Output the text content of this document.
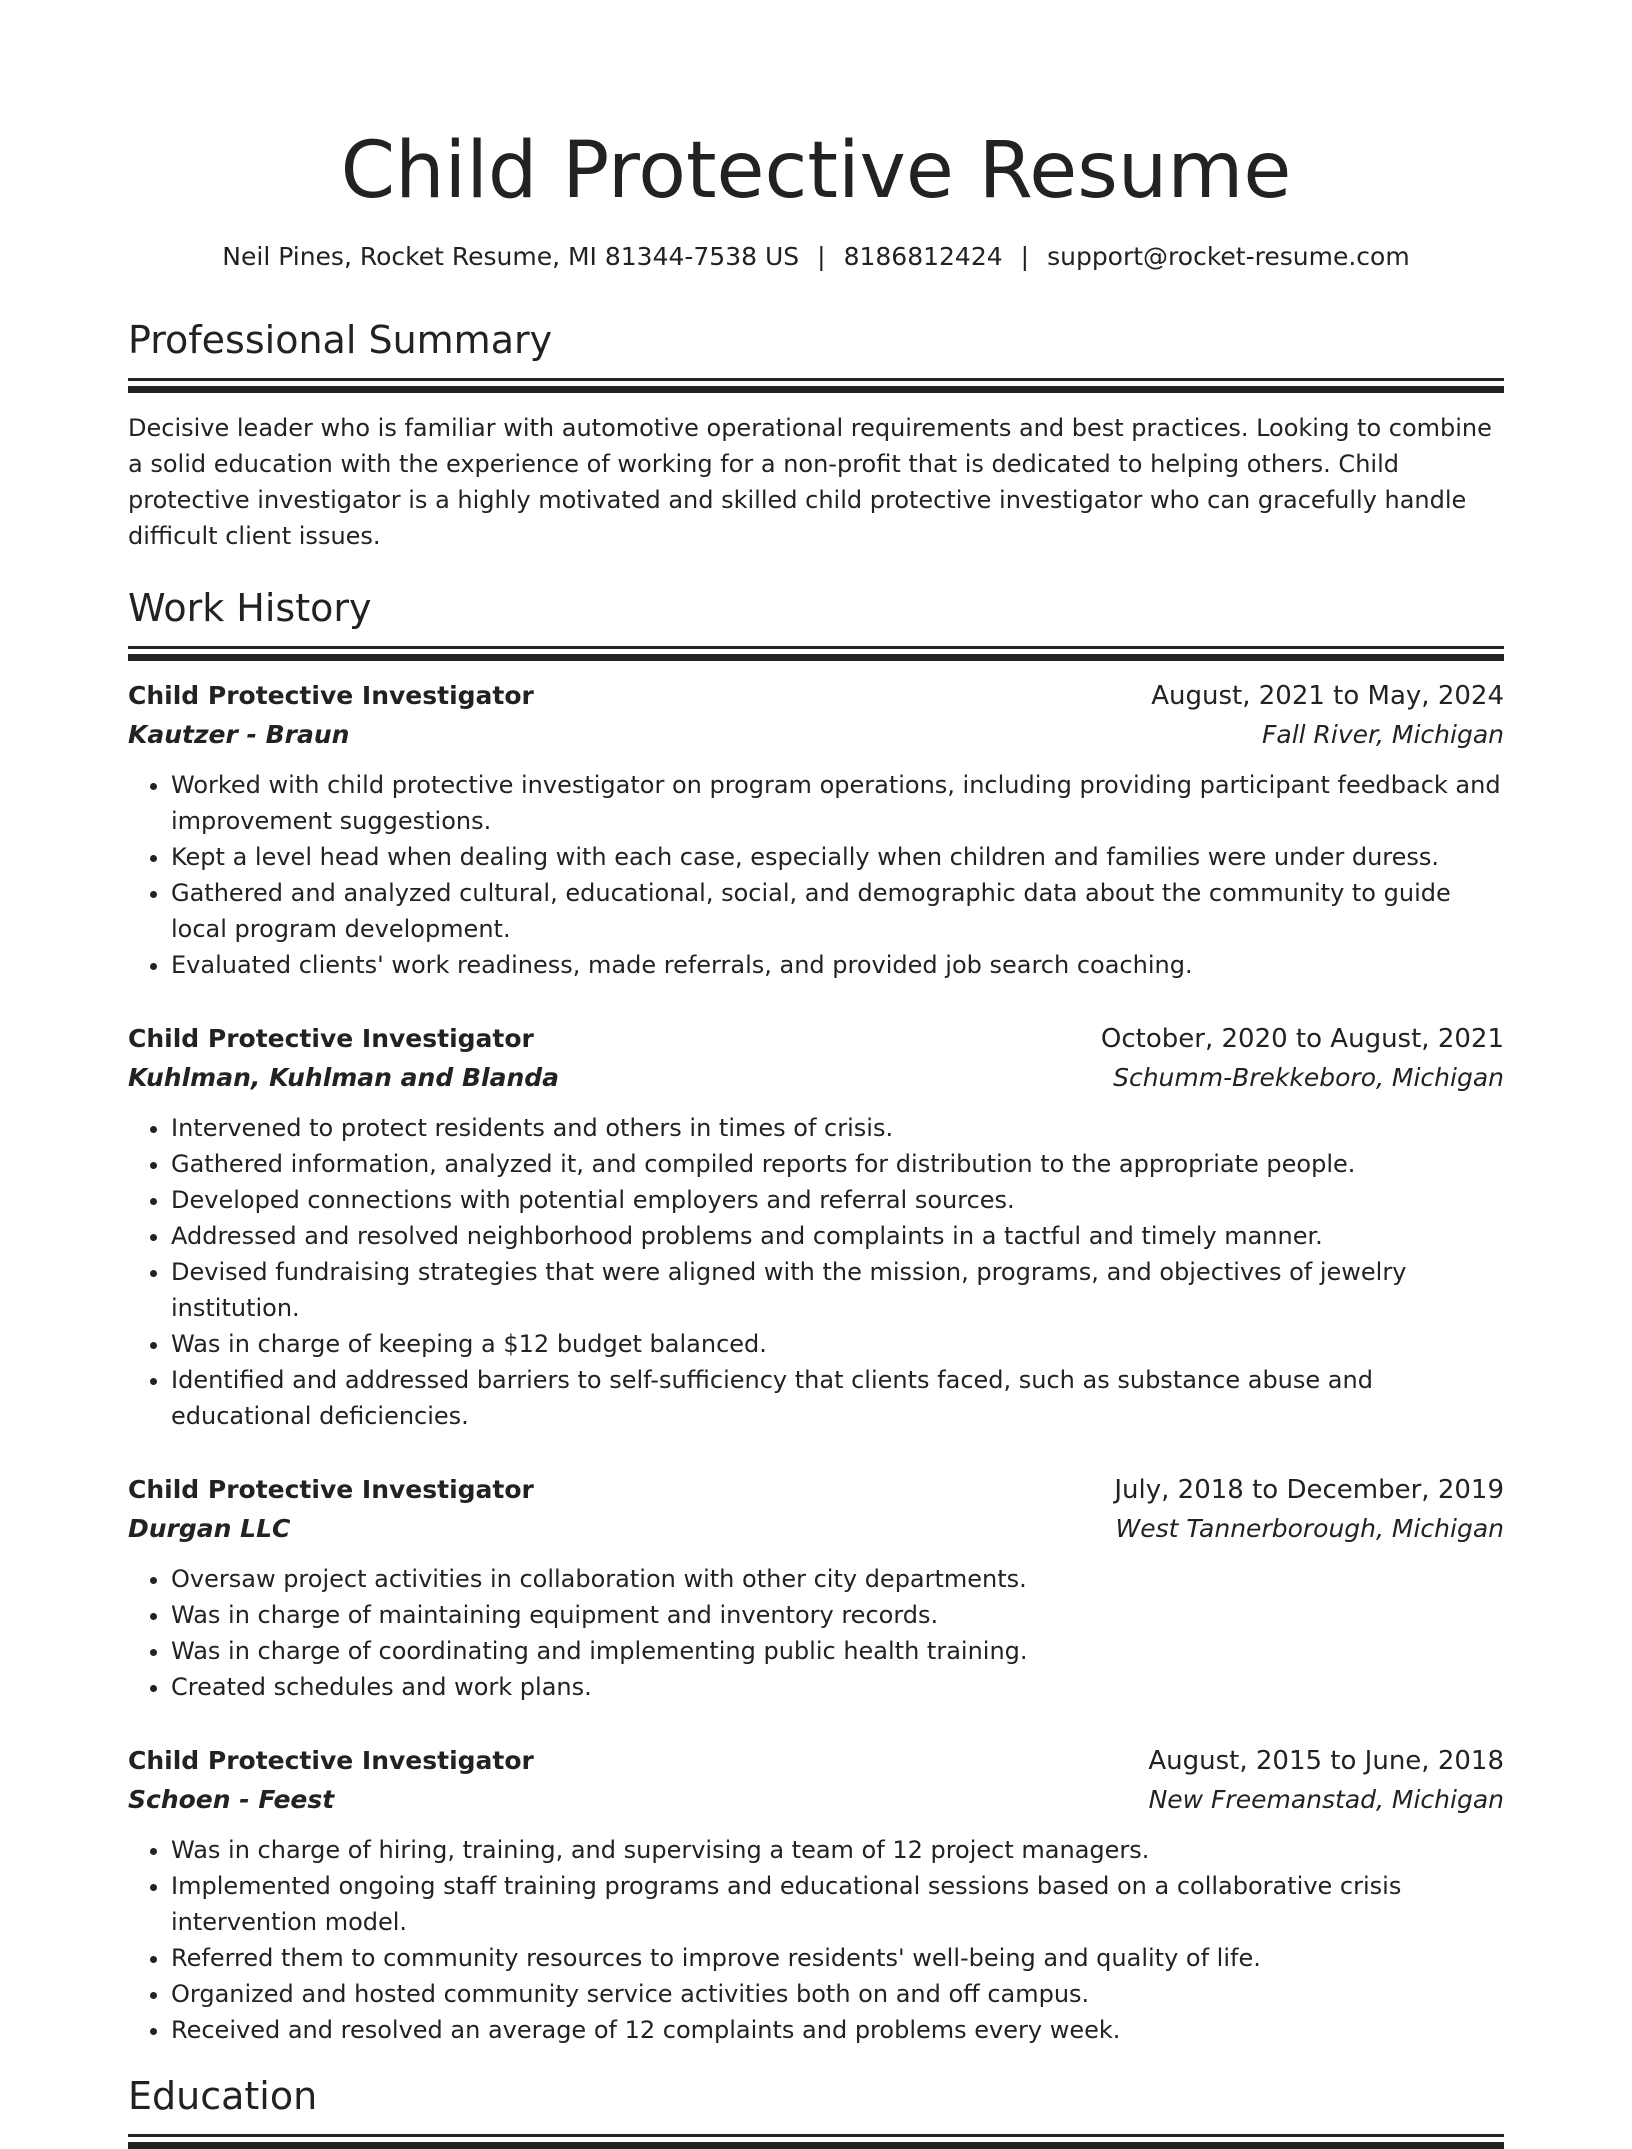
Child Protective Resume
Neil Pines, Rocket Resume, MI 81344-7538 US | 8186812424 | support@rocket-resume.com
Professional Summary
Decisive leader who is familiar with automotive operational requirements and best practices. Looking to combine a solid education with the experience of working for a non-profit that is dedicated to helping others. Child protective investigator is a highly motivated and skilled child protective investigator who can gracefully handle difficult client issues.
Work History
Child Protective Investigator	August, 2021 to May, 2024
Kautzer - Braun	Fall River, Michigan
• Worked with child protective investigator on program operations, including providing participant feedback and improvement suggestions.
• Kept a level head when dealing with each case, especially when children and families were under duress.
• Gathered and analyzed cultural, educational, social, and demographic data about the community to guide local program development.
• Evaluated clients' work readiness, made referrals, and provided job search coaching.
Child Protective Investigator	October, 2020 to August, 2021
Kuhlman, Kuhlman and Blanda	Schumm-Brekkeboro, Michigan
• Intervened to protect residents and others in times of crisis.
• Gathered information, analyzed it, and compiled reports for distribution to the appropriate people.
• Developed connections with potential employers and referral sources.
• Addressed and resolved neighborhood problems and complaints in a tactful and timely manner.
• Devised fundraising strategies that were aligned with the mission, programs, and objectives of jewelry institution.
• Was in charge of keeping a $12 budget balanced.
• Identified and addressed barriers to self-sufficiency that clients faced, such as substance abuse and educational deficiencies.
Child Protective Investigator	July, 2018 to December, 2019
Durgan LLC	West Tannerborough, Michigan
• Oversaw project activities in collaboration with other city departments.
• Was in charge of maintaining equipment and inventory records.
• Was in charge of coordinating and implementing public health training.
• Created schedules and work plans.
Child Protective Investigator	August, 2015 to June, 2018
Schoen - Feest	New Freemanstad, Michigan
• Was in charge of hiring, training, and supervising a team of 12 project managers.
• Implemented ongoing staff training programs and educational sessions based on a collaborative crisis intervention model.
• Referred them to community resources to improve residents' well-being and quality of life.
• Organized and hosted community service activities both on and off campus.
• Received and resolved an average of 12 complaints and problems every week.
Education
